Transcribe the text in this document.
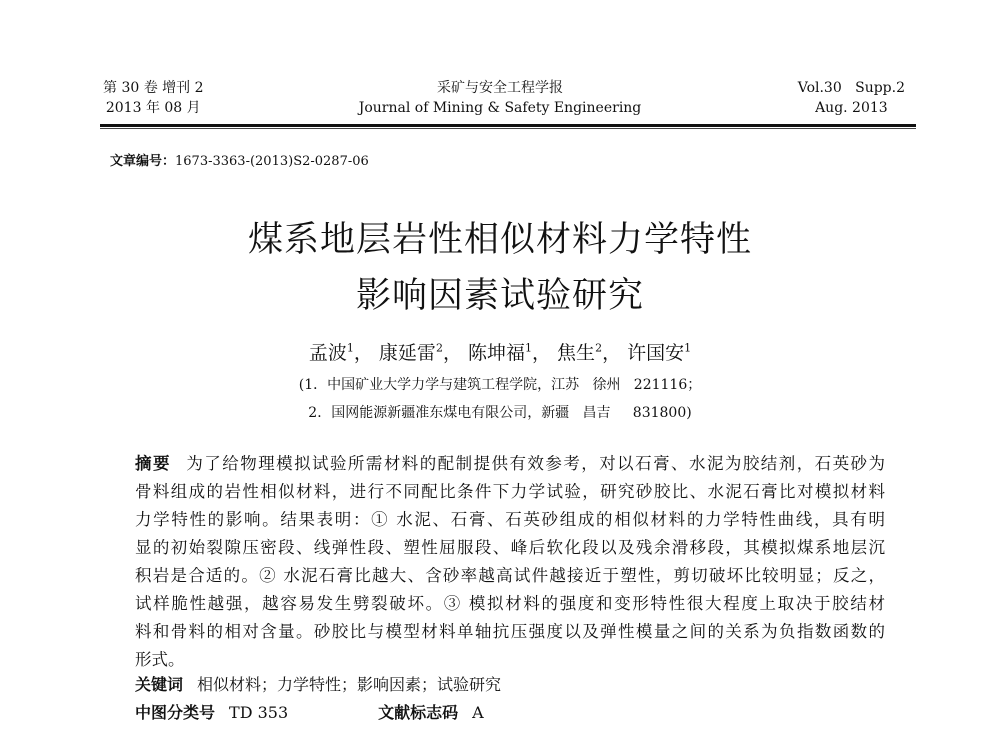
第 30 卷 增刊 2
2013 年 08 月
采矿与安全工程学报
Journal of Mining & Safety Engineering
Vol.30   Supp.2
Aug. 2013
文章编号：1673-3363-(2013)S2-0287-06
煤系地层岩性相似材料力学特性
影响因素试验研究
孟波$^1$， 康延雷$^2$， 陈坤福$^1$， 焦生$^2$， 许国安$^1$
(1．中国矿业大学力学与建筑工程学院，江苏   徐州   221116；
2．国网能源新疆准东煤电有限公司，新疆   昌吉     831800)
摘要 为了给物理模拟试验所需材料的配制提供有效参考，对以石膏、水泥为胶结剂，石英砂为
骨料组成的岩性相似材料，进行不同配比条件下力学试验，研究砂胶比、水泥石膏比对模拟材料
力学特性的影响。结果表明：① 水泥、石膏、石英砂组成的相似材料的力学特性曲线，具有明
显的初始裂隙压密段、线弹性段、塑性屈服段、峰后软化段以及残余滑移段，其模拟煤系地层沉
积岩是合适的。② 水泥石膏比越大、含砂率越高试件越接近于塑性，剪切破坏比较明显；反之，
试样脆性越强，越容易发生劈裂破坏。③ 模拟材料的强度和变形特性很大程度上取决于胶结材
料和骨料的相对含量。砂胶比与模型材料单轴抗压强度以及弹性模量之间的关系为负指数函数的
形式。
关键词 相似材料；力学特性；影响因素；试验研究
中图分类号 TD 353	文献标志码 A
